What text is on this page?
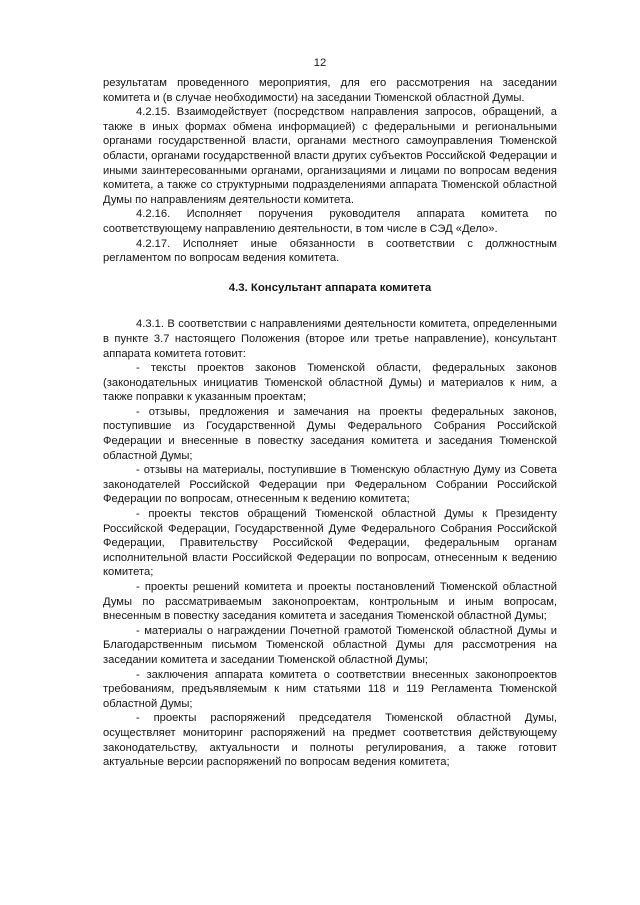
12

результатам проведенного мероприятия, для его рассмотрения на заседании комитета и (в случае необходимости) на заседании Тюменской областной Думы.

4.2.15. Взаимодействует (посредством направления запросов, обращений, а также в иных формах обмена информацией) с федеральными и региональными органами государственной власти, органами местного самоуправления Тюменской области, органами государственной власти других субъектов Российской Федерации и иными заинтересованными органами, организациями и лицами по вопросам ведения комитета, а также со структурными подразделениями аппарата Тюменской областной Думы по направлениям деятельности комитета.

4.2.16. Исполняет поручения руководителя аппарата комитета по соответствующему направлению деятельности, в том числе в СЭД «Дело».

4.2.17. Исполняет иные обязанности в соответствии с должностным регламентом по вопросам ведения комитета.

4.3. Консультант аппарата комитета

4.3.1. В соответствии с направлениями деятельности комитета, определенными в пункте 3.7 настоящего Положения (второе или третье направление), консультант аппарата комитета готовит:

- тексты проектов законов Тюменской области, федеральных законов (законодательных инициатив Тюменской областной Думы) и материалов к ним, а также поправки к указанным проектам;

- отзывы, предложения и замечания на проекты федеральных законов, поступившие из Государственной Думы Федерального Собрания Российской Федерации и внесенные в повестку заседания комитета и заседания Тюменской областной Думы;

- отзывы на материалы, поступившие в Тюменскую областную Думу из Совета законодателей Российской Федерации при Федеральном Собрании Российской Федерации по вопросам, отнесенным к ведению комитета;

- проекты текстов обращений Тюменской областной Думы к Президенту Российской Федерации, Государственной Думе Федерального Собрания Российской Федерации, Правительству Российской Федерации, федеральным органам исполнительной власти Российской Федерации по вопросам, отнесенным к ведению комитета;

- проекты решений комитета и проекты постановлений Тюменской областной Думы по рассматриваемым законопроектам, контрольным и иным вопросам, внесенным в повестку заседания комитета и заседания Тюменской областной Думы;

- материалы о награждении Почетной грамотой Тюменской областной Думы и Благодарственным письмом Тюменской областной Думы для рассмотрения на заседании комитета и заседании Тюменской областной Думы;

- заключения аппарата комитета о соответствии внесенных законопроектов требованиям, предъявляемым к ним статьями 118 и 119 Регламента Тюменской областной Думы;

- проекты распоряжений председателя Тюменской областной Думы, осуществляет мониторинг распоряжений на предмет соответствия действующему законодательству, актуальности и полноты регулирования, а также готовит актуальные версии распоряжений по вопросам ведения комитета;
